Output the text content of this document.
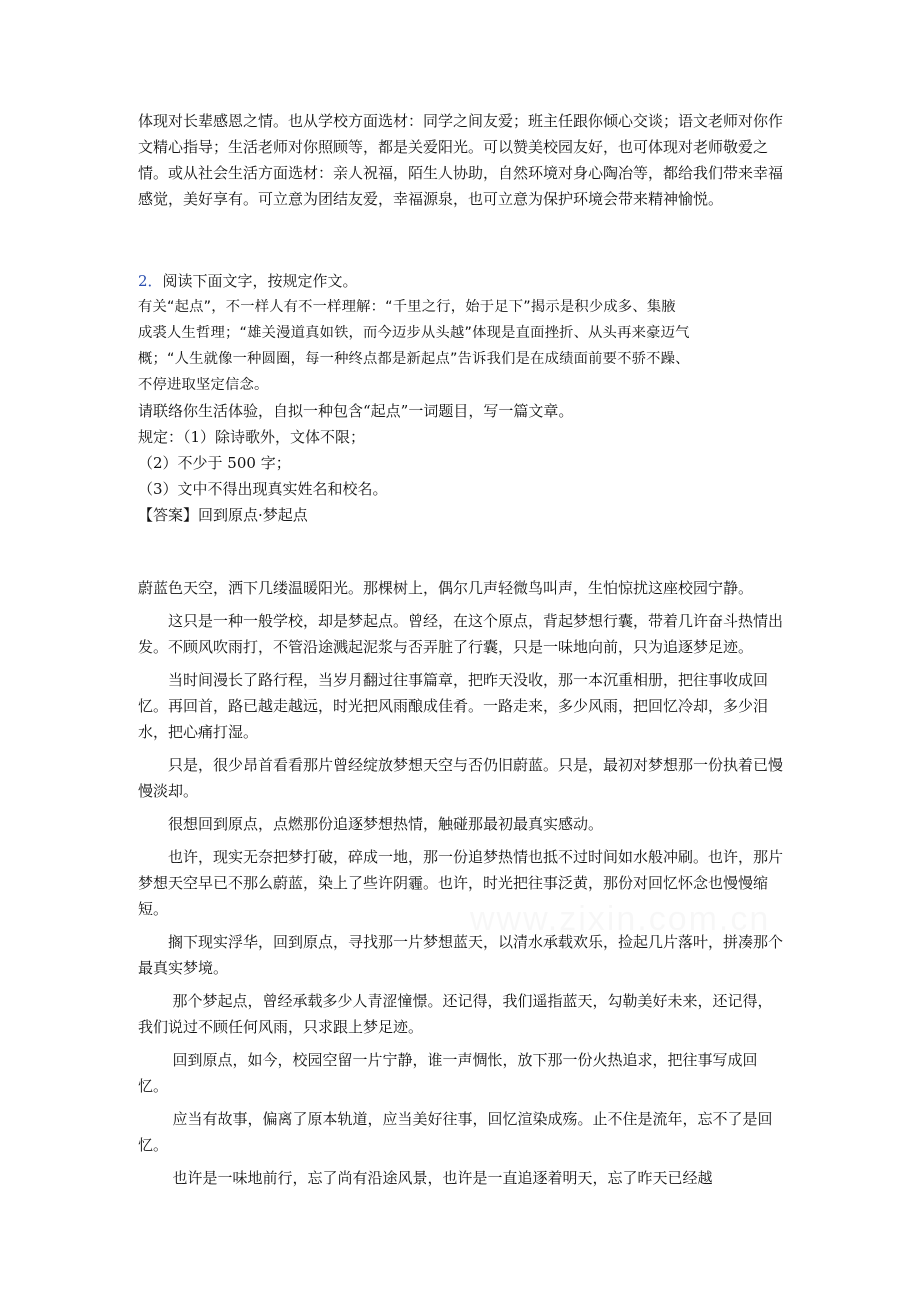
体现对长辈感恩之情。也从学校方面选材：同学之间友爱；班主任跟你倾心交谈；语文老师对你作文精心指导；生活老师对你照顾等，都是关爱阳光。可以赞美校园友好，也可体现对老师敬爱之情。或从社会生活方面选材：亲人祝福，陌生人协助，自然环境对身心陶冶等，都给我们带来幸福感觉，美好享有。可立意为团结友爱，幸福源泉，也可立意为保护环境会带来精神愉悦。

2．阅读下面文字，按规定作文。

有关“起点”，不一样人有不一样理解：“千里之行，始于足下”揭示是积少成多、集腋

成裘人生哲理；“雄关漫道真如铁，而今迈步从头越”体现是直面挫折、从头再来豪迈气

概；“人生就像一种圆圈，每一种终点都是新起点”告诉我们是在成绩面前要不骄不躁、

不停进取坚定信念。

请联络你生活体验，自拟一种包含“起点”一词题目，写一篇文章。

规定：（1）除诗歌外，文体不限；

（2）不少于 500 字；

（3）文中不得出现真实姓名和校名。

【答案】回到原点·梦起点

蔚蓝色天空，洒下几缕温暖阳光。那棵树上，偶尔几声轻微鸟叫声，生怕惊扰这座校园宁静。

这只是一种一般学校，却是梦起点。曾经，在这个原点，背起梦想行囊，带着几许奋斗热情出发。不顾风吹雨打，不管沿途溅起泥浆与否弄脏了行囊，只是一味地向前，只为追逐梦足迹。

当时间漫长了路行程，当岁月翻过往事篇章，把昨天没收，那一本沉重相册，把往事收成回忆。再回首，路已越走越远，时光把风雨酿成佳肴。一路走来，多少风雨，把回忆冷却，多少泪水，把心痛打湿。

只是，很少昂首看看那片曾经绽放梦想天空与否仍旧蔚蓝。只是，最初对梦想那一份执着已慢慢淡却。

很想回到原点，点燃那份追逐梦想热情，触碰那最初最真实感动。

也许，现实无奈把梦打破，碎成一地，那一份追梦热情也抵不过时间如水般冲刷。也许，那片梦想天空早已不那么蔚蓝，染上了些许阴霾。也许，时光把往事泛黄，那份对回忆怀念也慢慢缩短。

搁下现实浮华，回到原点，寻找那一片梦想蓝天，以清水承载欢乐，捡起几片落叶，拼凑那个最真实梦境。

那个梦起点，曾经承载多少人青涩憧憬。还记得，我们遥指蓝天，勾勒美好未来，还记得，我们说过不顾任何风雨，只求跟上梦足迹。

回到原点，如今，校园空留一片宁静，谁一声惆怅，放下那一份火热追求，把往事写成回忆。

应当有故事，偏离了原本轨道，应当美好往事，回忆渲染成殇。止不住是流年，忘不了是回忆。

也许是一味地前行，忘了尚有沿途风景，也许是一直追逐着明天，忘了昨天已经越
